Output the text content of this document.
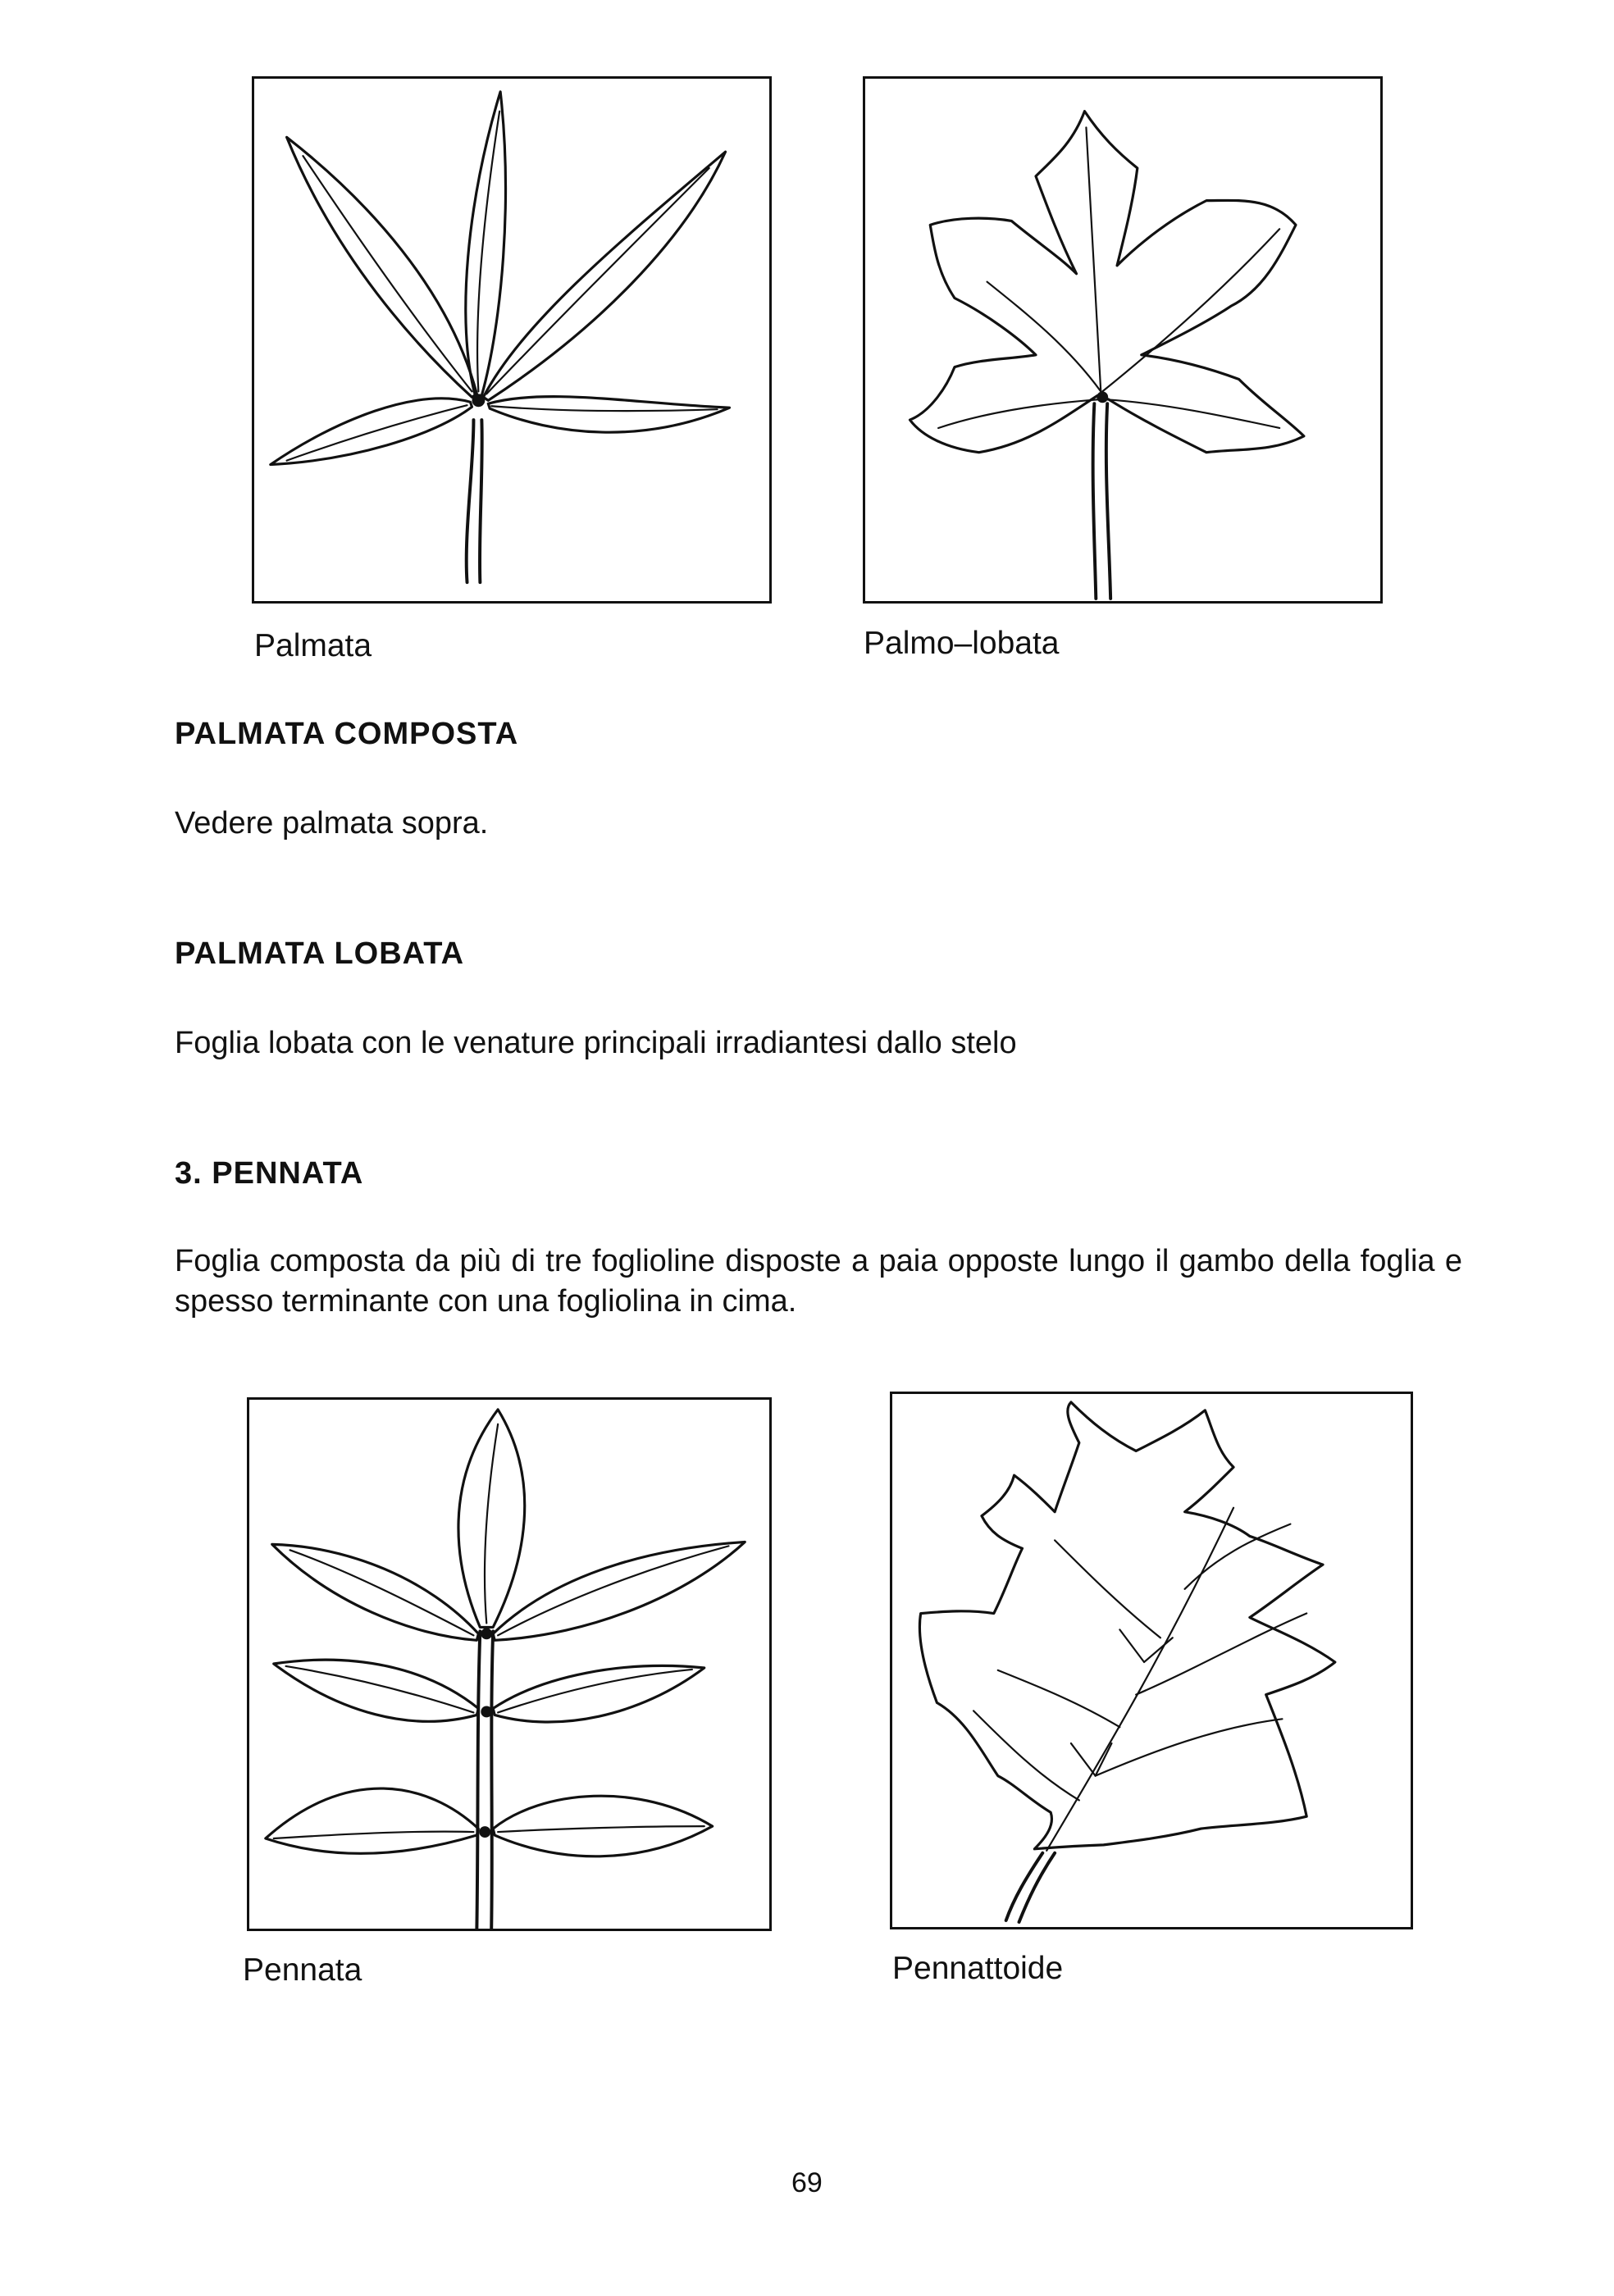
Palmata	Palmo–lobata
PALMATA COMPOSTA
Vedere palmata sopra.
PALMATA LOBATA
Foglia lobata con le venature principali irradiantesi dallo stelo
3. PENNATA
Foglia composta da più di tre foglioline disposte a paia opposte lungo il gambo della foglia e spesso terminante con una fogliolina in cima.
Pennata	Pennattoide
69
